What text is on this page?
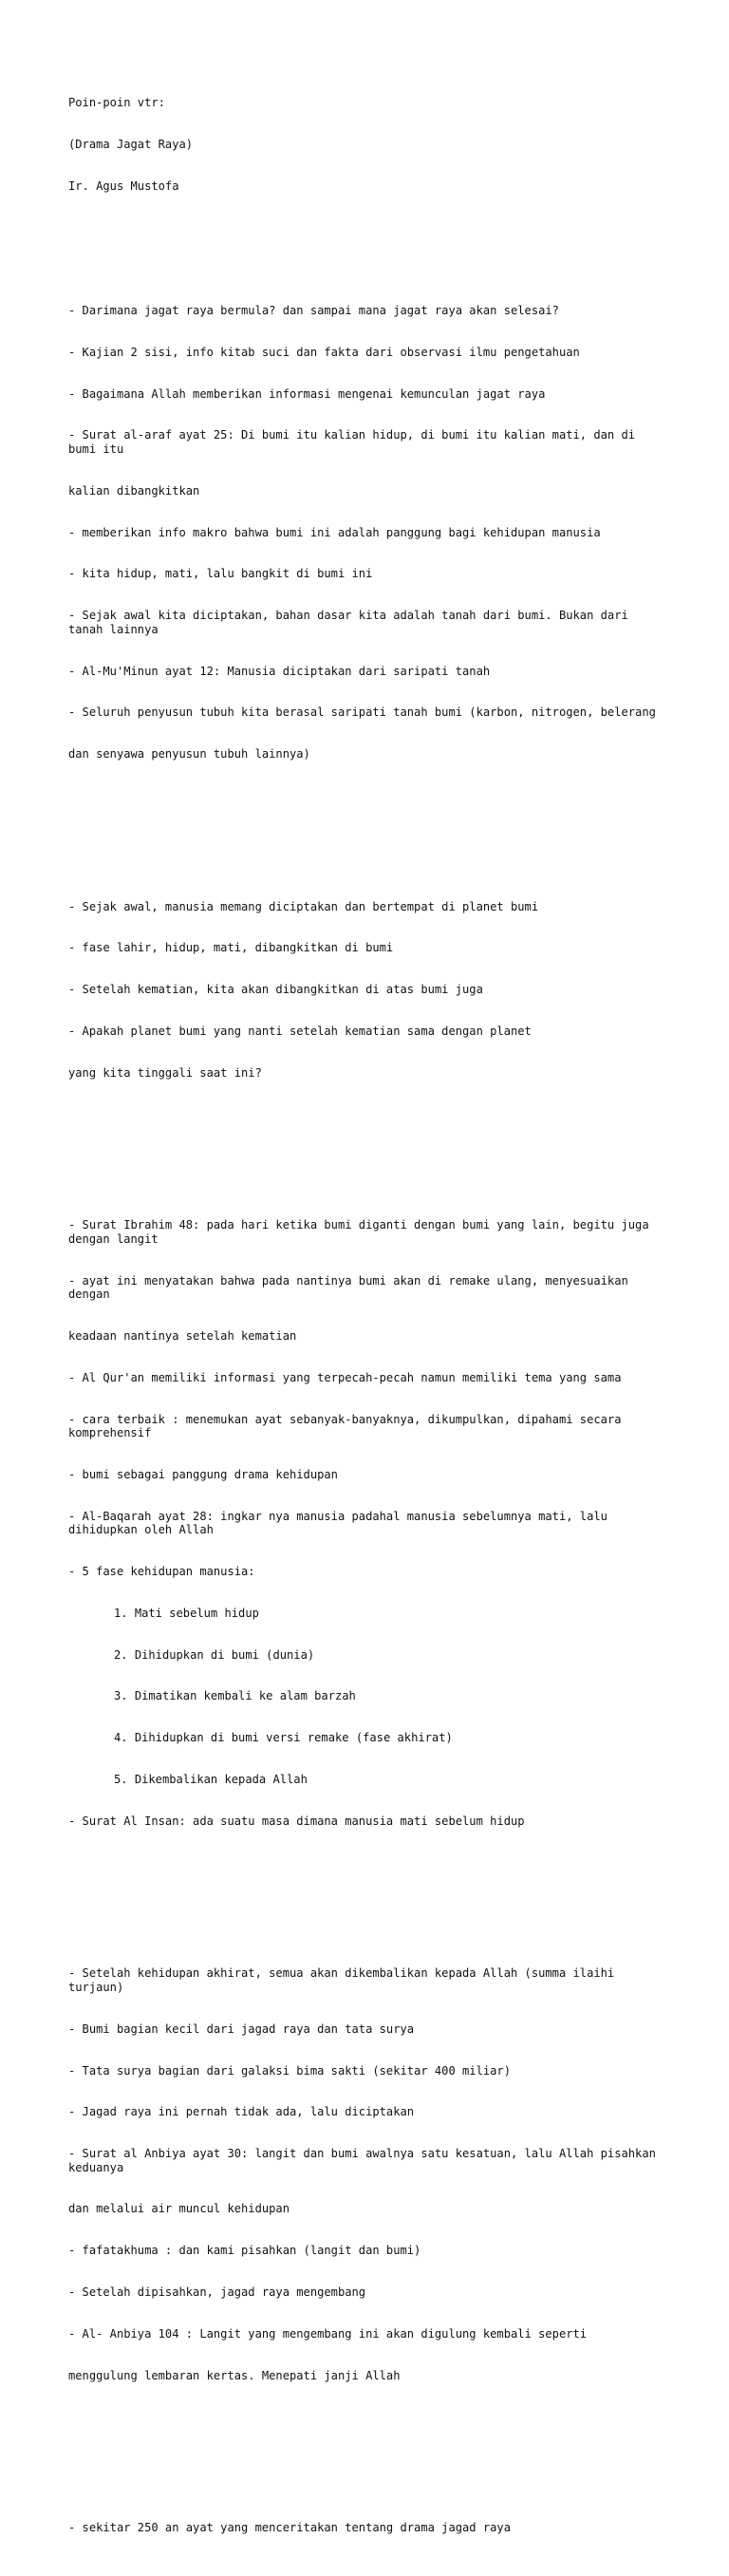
Poin-poin vtr:

(Drama Jagat Raya)

Ir. Agus Mustofa

- Darimana jagat raya bermula? dan sampai mana jagat raya akan selesai?

- Kajian 2 sisi, info kitab suci dan fakta dari observasi ilmu pengetahuan

- Bagaimana Allah memberikan informasi mengenai kemunculan jagat raya

- Surat al-araf ayat 25: Di bumi itu kalian hidup, di bumi itu kalian mati, dan di bumi itu

kalian dibangkitkan

- memberikan info makro bahwa bumi ini adalah panggung bagi kehidupan manusia

- kita hidup, mati, lalu bangkit di bumi ini

- Sejak awal kita diciptakan, bahan dasar kita adalah tanah dari bumi. Bukan dari tanah lainnya

- Al-Mu'Minun ayat 12: Manusia diciptakan dari saripati tanah

- Seluruh penyusun tubuh kita berasal saripati tanah bumi (karbon, nitrogen, belerang

dan senyawa penyusun tubuh lainnya)

- Sejak awal, manusia memang diciptakan dan bertempat di planet bumi

- fase lahir, hidup, mati, dibangkitkan di bumi

- Setelah kematian, kita akan dibangkitkan di atas bumi juga

- Apakah planet bumi yang nanti setelah kematian sama dengan planet

yang kita tinggali saat ini?

- Surat Ibrahim 48: pada hari ketika bumi diganti dengan bumi yang lain, begitu juga dengan langit

- ayat ini menyatakan bahwa pada nantinya bumi akan di remake ulang, menyesuaikan dengan

keadaan nantinya setelah kematian

- Al Qur'an memiliki informasi yang terpecah-pecah namun memiliki tema yang sama

- cara terbaik : menemukan ayat sebanyak-banyaknya, dikumpulkan, dipahami secara komprehensif

- bumi sebagai panggung drama kehidupan

- Al-Baqarah ayat 28: ingkar nya manusia padahal manusia sebelumnya mati, lalu dihidupkan oleh Allah

- 5 fase kehidupan manusia:

1. Mati sebelum hidup

2. Dihidupkan di bumi (dunia)

3. Dimatikan kembali ke alam barzah

4. Dihidupkan di bumi versi remake (fase akhirat)

5. Dikembalikan kepada Allah

- Surat Al Insan: ada suatu masa dimana manusia mati sebelum hidup

- Setelah kehidupan akhirat, semua akan dikembalikan kepada Allah (summa ilaihi turjaun)

- Bumi bagian kecil dari jagad raya dan tata surya

- Tata surya bagian dari galaksi bima sakti (sekitar 400 miliar)

- Jagad raya ini pernah tidak ada, lalu diciptakan

- Surat al Anbiya ayat 30: langit dan bumi awalnya satu kesatuan, lalu Allah pisahkan keduanya

dan melalui air muncul kehidupan

- fafatakhuma : dan kami pisahkan (langit dan bumi)

- Setelah dipisahkan, jagad raya mengembang

- Al- Anbiya 104 : Langit yang mengembang ini akan digulung kembali seperti

menggulung lembaran kertas. Menepati janji Allah

- sekitar 250 an ayat yang menceritakan tentang drama jagad raya
